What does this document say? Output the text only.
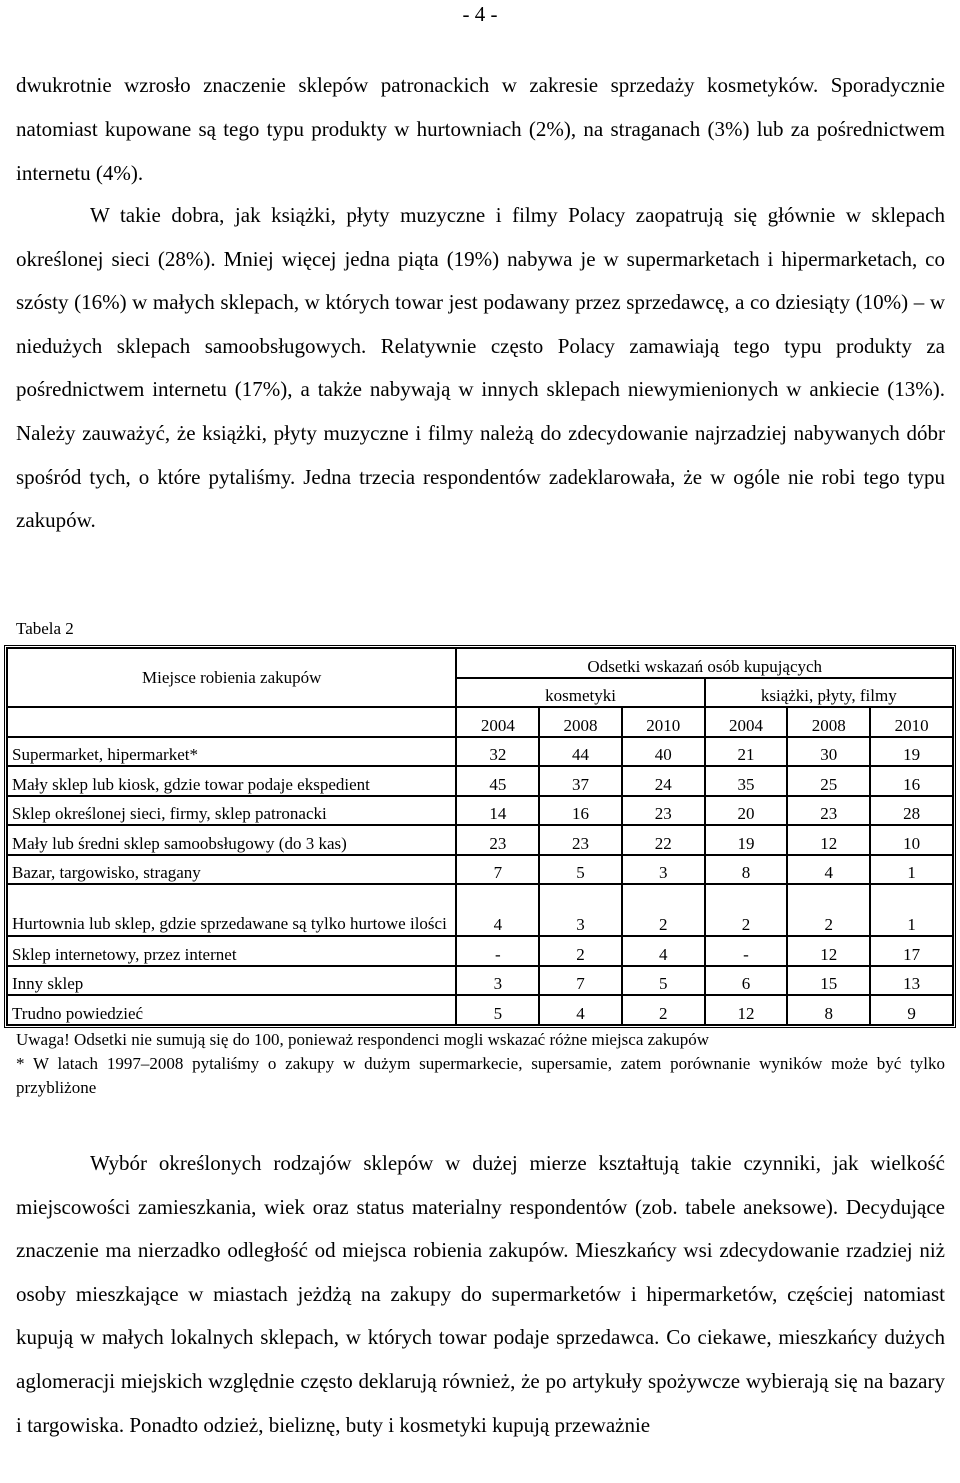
- 4 -

dwukrotnie wzrosło znaczenie sklepów patronackich w zakresie sprzedaży kosmetyków. Sporadycznie natomiast kupowane są tego typu produkty w hurtowniach (2%), na straganach (3%) lub za pośrednictwem internetu (4%).

W takie dobra, jak książki, płyty muzyczne i filmy Polacy zaopatrują się głównie w sklepach określonej sieci (28%). Mniej więcej jedna piąta (19%) nabywa je w supermarketach i hipermarketach, co szósty (16%) w małych sklepach, w których towar jest podawany przez sprzedawcę, a co dziesiąty (10%) – w niedużych sklepach samoobsługowych. Relatywnie często Polacy zamawiają tego typu produkty za pośrednictwem internetu (17%), a także nabywają w innych sklepach niewymienionych w ankiecie (13%). Należy zauważyć, że książki, płyty muzyczne i filmy należą do zdecydowanie najrzadziej nabywanych dóbr spośród tych, o które pytaliśmy. Jedna trzecia respondentów zadeklarowała, że w ogóle nie robi tego typu zakupów.

Tabela 2
Miejsce robienia zakupów	Odsetki wskazań osób kupujących					
	kosmetyki			książki, płyty, filmy		
	2004	2008	2010	2004	2008	2010
Supermarket, hipermarket*	32	44	40	21	30	19
Mały sklep lub kiosk, gdzie towar podaje ekspedient	45	37	24	35	25	16
Sklep określonej sieci, firmy, sklep patronacki	14	16	23	20	23	28
Mały lub średni sklep samoobsługowy (do 3 kas)	23	23	22	19	12	10
Bazar, targowisko, stragany	7	5	3	8	4	1
Hurtownia lub sklep, gdzie sprzedawane są tylko hurtowe ilości	4	3	2	2	2	1
Sklep internetowy, przez internet	-	2	4	-	12	17
Inny sklep	3	7	5	6	15	13
Trudno powiedzieć	5	4	2	12	8	9

Uwaga! Odsetki nie sumują się do 100, ponieważ respondenci mogli wskazać różne miejsca zakupów

* W latach 1997–2008 pytaliśmy o zakupy w dużym supermarkecie, supersamie, zatem porównanie wyników może być tylko przybliżone

Wybór określonych rodzajów sklepów w dużej mierze kształtują takie czynniki, jak wielkość miejscowości zamieszkania, wiek oraz status materialny respondentów (zob. tabele aneksowe). Decydujące znaczenie ma nierzadko odległość od miejsca robienia zakupów. Mieszkańcy wsi zdecydowanie rzadziej niż osoby mieszkające w miastach jeżdżą na zakupy do supermarketów i hipermarketów, częściej natomiast kupują w małych lokalnych sklepach, w których towar podaje sprzedawca. Co ciekawe, mieszkańcy dużych aglomeracji miejskich względnie często deklarują również, że po artykuły spożywcze wybierają się na bazary i targowiska. Ponadto odzież, bieliznę, buty i kosmetyki kupują przeważnie
